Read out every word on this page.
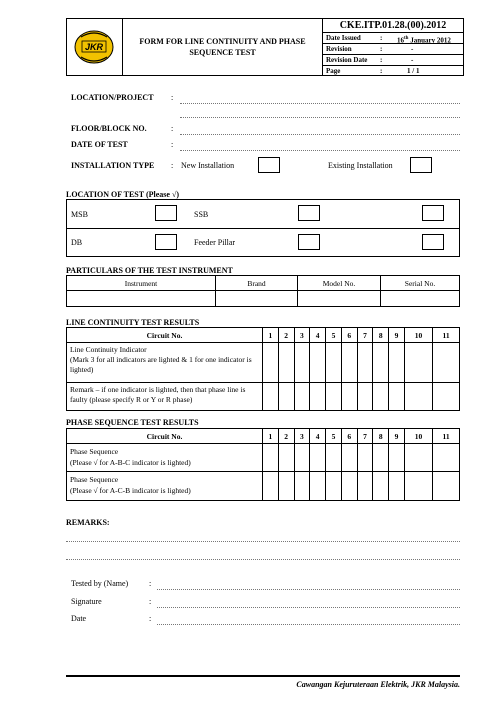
JKR
FORM FOR LINE CONTINUITY AND PHASE SEQUENCE TEST
CKE.ITP.01.28.(00).2012
Date Issued	: 16th January 2012
Revision	:	-
Revision Date :	-
Page	:	1 / 1
LOCATION/PROJECT :
FLOOR/BLOCK NO.	:
DATE OF TEST	:
INSTALLATION TYPE : New Installation	Existing Installation
LOCATION OF TEST (Please √)
MSB	SSB
DB	Feeder Pillar
PARTICULARS OF THE TEST INSTRUMENT
Instrument	Brand	Model No.	Serial No.

LINE CONTINUITY TEST RESULTS
Circuit No.	1	2	3	4	5	6	7	8	9	10	11

Line Continuity Indicator
(Mark 3 for all indicators are lighted & 1 for one indicator is lighted)											

Remark – if one indicator is lighted, then that phase line is faulty (please specify R or Y or R phase)											
PHASE SEQUENCE TEST RESULTS
Circuit No.	1	2	3	4	5	6	7	8	9	10	11

Phase Sequence
(Please √ for A-B-C indicator is lighted)											

Phase Sequence
(Please √ for A-C-B indicator is lighted)											

REMARKS:
Tested by (Name)	:
Signature	:
Date	:
Cawangan Kejuruteraan Elektrik, JKR Malaysia.
